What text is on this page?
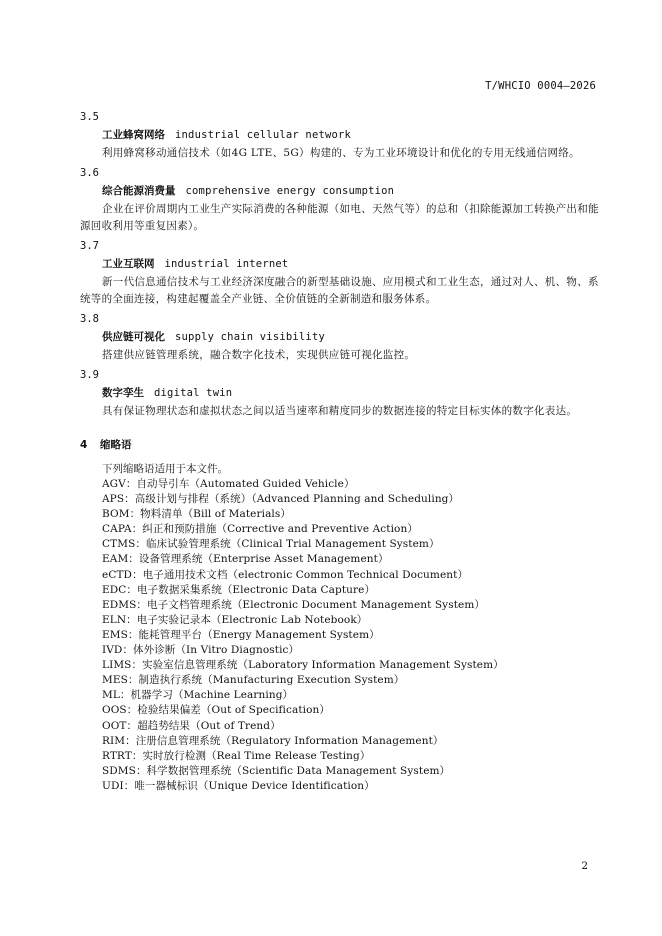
T/WHCIO 0004—2026
3.5
工业蜂窝网络 industrial cellular network

利用蜂窝移动通信技术（如4G LTE、5G）构建的、专为工业环境设计和优化的专用无线通信网络。

3.6
综合能源消费量 comprehensive energy consumption

企业在评价周期内工业生产实际消费的各种能源（如电、天然气等）的总和（扣除能源加工转换产出和能源回收利用等重复因素）。

3.7
工业互联网 industrial internet

新一代信息通信技术与工业经济深度融合的新型基础设施、应用模式和工业生态，通过对人、机、物、系统等的全面连接，构建起覆盖全产业链、全价值链的全新制造和服务体系。

3.8
供应链可视化 supply chain visibility

搭建供应链管理系统，融合数字化技术，实现供应链可视化监控。

3.9
数字孪生 digital twin

具有保证物理状态和虚拟状态之间以适当速率和精度同步的数据连接的特定目标实体的数字化表达。

4 缩略语
下列缩略语适用于本文件。
AGV：自动导引车（Automated Guided Vehicle）
APS：高级计划与排程（系统）（Advanced Planning and Scheduling）
BOM：物料清单（Bill of Materials）
CAPA：纠正和预防措施（Corrective and Preventive Action）
CTMS：临床试验管理系统（Clinical Trial Management System）
EAM：设备管理系统（Enterprise Asset Management）
eCTD：电子通用技术文档（electronic Common Technical Document）
EDC：电子数据采集系统（Electronic Data Capture）
EDMS：电子文档管理系统（Electronic Document Management System）
ELN：电子实验记录本（Electronic Lab Notebook）
EMS：能耗管理平台（Energy Management System）
IVD：体外诊断（In Vitro Diagnostic）
LIMS：实验室信息管理系统（Laboratory Information Management System）
MES：制造执行系统（Manufacturing Execution System）
ML：机器学习（Machine Learning）
OOS：检验结果偏差（Out of Specification）
OOT：超趋势结果（Out of Trend）
RIM：注册信息管理系统（Regulatory Information Management）
RTRT：实时放行检测（Real Time Release Testing）
SDMS：科学数据管理系统（Scientific Data Management System）
UDI：唯一器械标识（Unique Device Identification）
2
